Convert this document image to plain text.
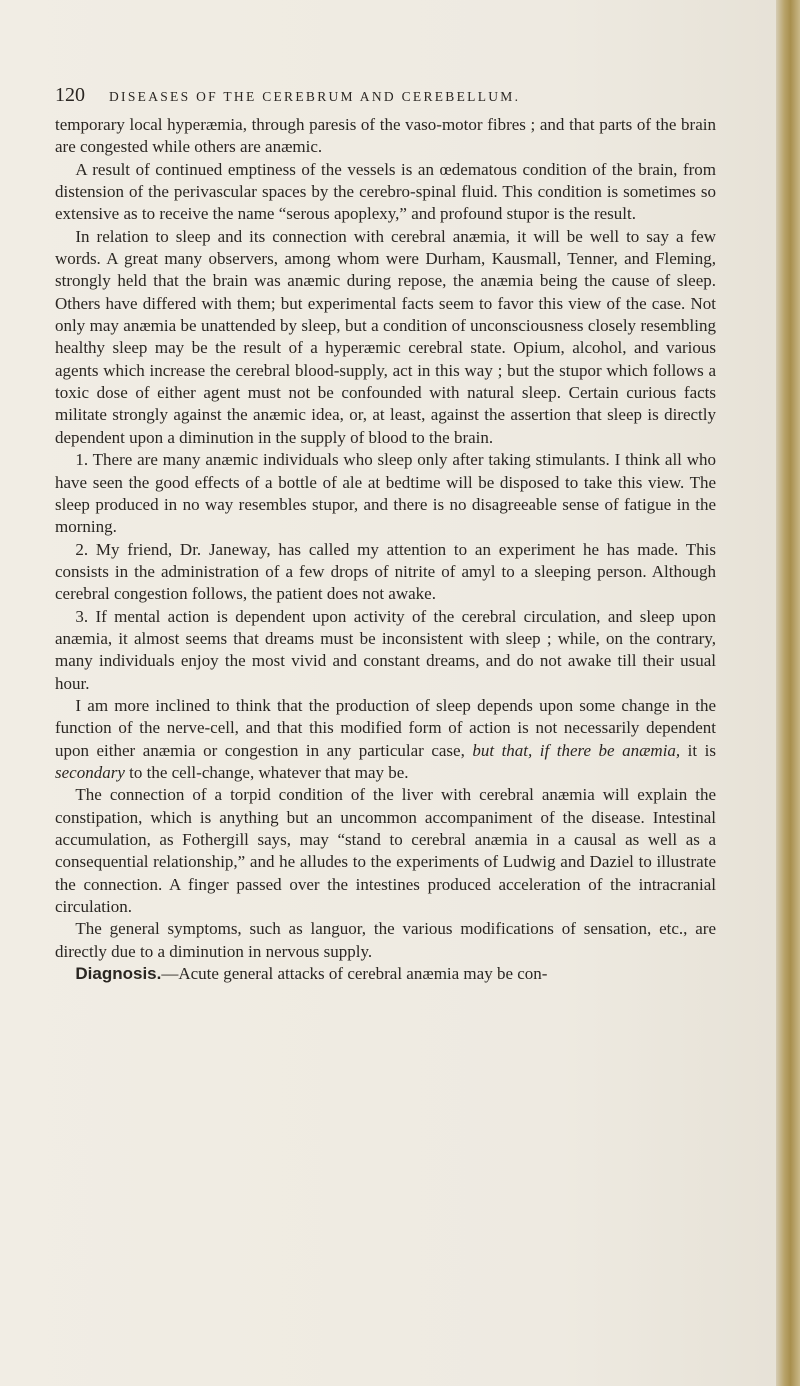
120	DISEASES OF THE CEREBRUM AND CEREBELLUM.

temporary local hyperæmia, through paresis of the vaso-motor fibres ; and that parts of the brain are congested while others are anæmic.

A result of continued emptiness of the vessels is an œdematous condition of the brain, from distension of the perivascular spaces by the cerebro-spinal fluid. This condition is sometimes so extensive as to receive the name “serous apoplexy,” and profound stupor is the result.

In relation to sleep and its connection with cerebral anæmia, it will be well to say a few words. A great many observers, among whom were Durham, Kausmall, Tenner, and Fleming, strongly held that the brain was anæmic during repose, the anæmia being the cause of sleep. Others have differed with them; but experimental facts seem to favor this view of the case. Not only may anæmia be unattended by sleep, but a condition of unconsciousness closely resembling healthy sleep may be the result of a hyperæmic cerebral state. Opium, alcohol, and various agents which increase the cerebral blood-supply, act in this way ; but the stupor which follows a toxic dose of either agent must not be confounded with natural sleep. Certain curious facts militate strongly against the anæmic idea, or, at least, against the assertion that sleep is directly dependent upon a diminution in the supply of blood to the brain.

1. There are many anæmic individuals who sleep only after taking stimulants. I think all who have seen the good effects of a bottle of ale at bedtime will be disposed to take this view. The sleep produced in no way resembles stupor, and there is no disagreeable sense of fatigue in the morning.

2. My friend, Dr. Janeway, has called my attention to an experiment he has made. This consists in the administration of a few drops of nitrite of amyl to a sleeping person. Although cerebral congestion follows, the patient does not awake.

3. If mental action is dependent upon activity of the cerebral circulation, and sleep upon anæmia, it almost seems that dreams must be inconsistent with sleep ; while, on the contrary, many individuals enjoy the most vivid and constant dreams, and do not awake till their usual hour.

I am more inclined to think that the production of sleep depends upon some change in the function of the nerve-cell, and that this modified form of action is not necessarily dependent upon either anæmia or congestion in any particular case, but that, if there be anæmia, it is secondary to the cell-change, whatever that may be.

The connection of a torpid condition of the liver with cerebral anæmia will explain the constipation, which is anything but an uncommon accompaniment of the disease. Intestinal accumulation, as Fothergill says, may “stand to cerebral anæmia in a causal as well as a consequential relationship,” and he alludes to the experiments of Ludwig and Daziel to illustrate the connection. A finger passed over the intestines produced acceleration of the intracranial circulation.

The general symptoms, such as languor, the various modifications of sensation, etc., are directly due to a diminution in nervous supply.

Diagnosis.—Acute general attacks of cerebral anæmia may be con-
